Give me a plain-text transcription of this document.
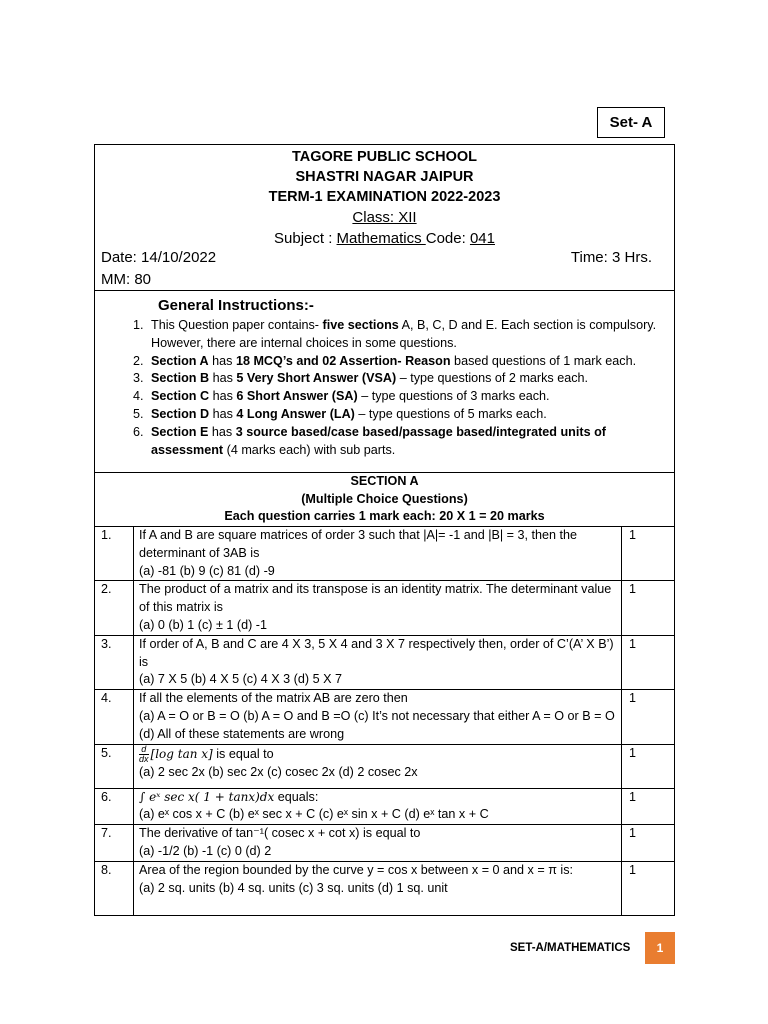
Set- A
TAGORE PUBLIC SCHOOL
SHASTRI NAGAR JAIPUR
TERM-1 EXAMINATION 2022-2023
Class: XII
Subject : Mathematics Code: 041
Date: 14/10/2022	Time: 3 Hrs.
MM: 80
General Instructions:-
1. This Question paper contains- five sections A, B, C, D and E. Each section is compulsory. However, there are internal choices in some questions.
2. Section A has 18 MCQ’s and 02 Assertion- Reason based questions of 1 mark each.
3. Section B has 5 Very Short Answer (VSA) – type questions of 2 marks each.
4. Section C has 6 Short Answer (SA) – type questions of 3 marks each.
5. Section D has 4 Long Answer (LA) – type questions of 5 marks each.
6. Section E has 3 source based/case based/passage based/integrated units of assessment (4 marks each) with sub parts.
SECTION A
(Multiple Choice Questions)
Each question carries 1 mark each: 20 X 1 = 20 marks
1.	If A and B are square matrices of order 3 such that |A|= -1 and |B| = 3, then the determinant of 3AB is
(a) -81 (b) 9 (c) 81 (d) -9	1
2.	The product of a matrix and its transpose is an identity matrix. The determinant value of this matrix is
(a) 0 (b) 1 (c) ± 1 (d) -1	1
3.	If order of A, B and C are 4 X 3, 5 X 4 and 3 X 7 respectively then, order of C’(A’ X B’) is
(a) 7 X 5 (b) 4 X 5 (c) 4 X 3 (d) 5 X 7	1
4.	If all the elements of the matrix AB are zero then
(a) A = O or B = O (b) A = O and B =O (c) It’s not necessary that either A = O or B = O (d) All of these statements are wrong	1
5.	$\frac{d}{dx} [\log$ tan x] is equal to
(a) 2 sec 2x (b) sec 2x (c) cosec 2x (d) 2 cosec 2x	1
6.	∫ eˣ sec x( 1 + tanx)dx equals:
(a) eˣ cos x + C (b) eˣ sec x + C (c) eˣ sin x + C (d) eˣ tan x + C	1
7.	The derivative of tan⁻¹( cosec x + cot x) is equal to
(a) -1/2 (b) -1 (c) 0 (d) 2	1
8.	Area of the region bounded by the curve y = cos x between x = 0 and x = π is:
(a) 2 sq. units (b) 4 sq. units (c) 3 sq. units (d) 1 sq. unit	1
SET-A/MATHEMATICS 1
